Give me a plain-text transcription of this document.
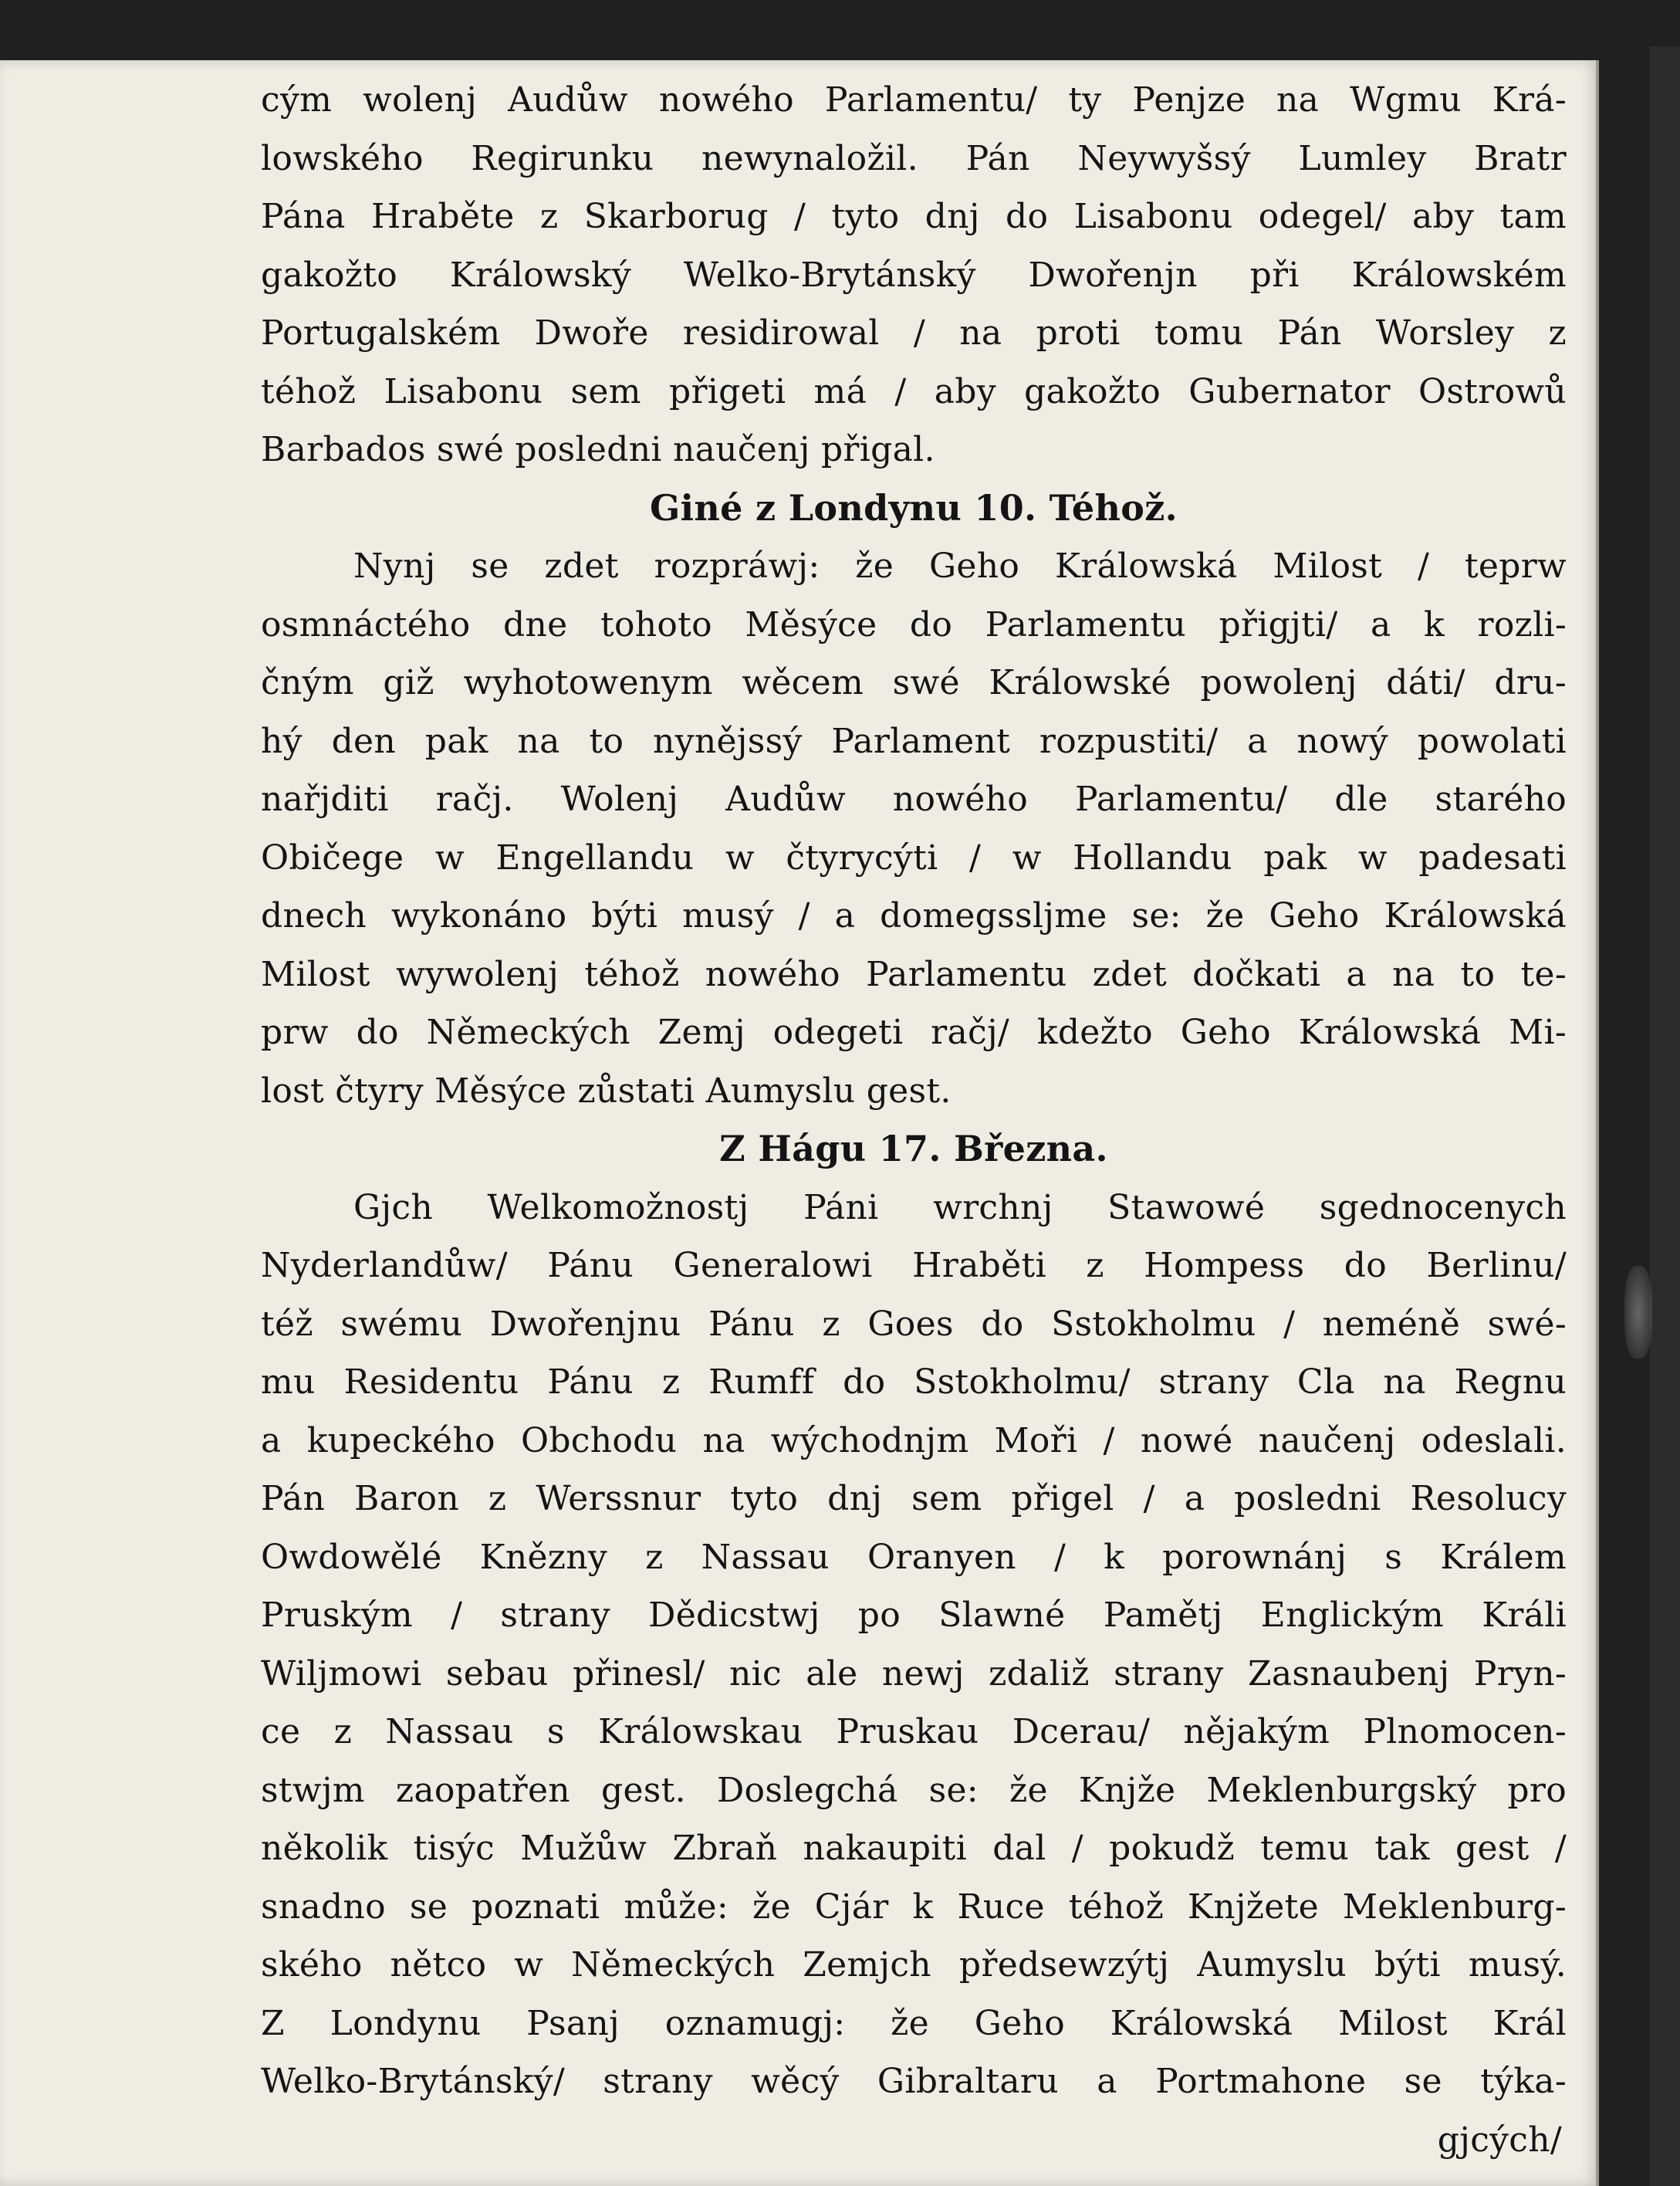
cým wolenj Audůw nowého Parlamentu/ ty Penjze na Wgmu Krá-
lowského Regirunku newynaložil. Pán Neywyšsý Lumley Bratr
Pána Hraběte z Skarborug / tyto dnj do Lisabonu odegel/ aby tam
gakožto Králowský Welko-Brytánský Dwořenjn při Králowském
Portugalském Dwoře residirowal / na proti tomu Pán Worsley z
téhož Lisabonu sem přigeti má / aby gakožto Gubernator Ostrowů
Barbados swé posledni naučenj přigal.
Giné z Londynu 10. Téhož.
Nynj se zdet rozpráwj: že Geho Králowská Milost / teprw
osmnáctého dne tohoto Měsýce do Parlamentu přigjti/ a k rozli-
čným giž wyhotowenym wěcem swé Králowské powolenj dáti/ dru-
hý den pak na to nynějssý Parlament rozpustiti/ a nowý powolati
nařjditi račj. Wolenj Audůw nowého Parlamentu/ dle starého
Običege w Engellandu w čtyrycýti / w Hollandu pak w padesati
dnech wykonáno býti musý / a domegssljme se: že Geho Králowská
Milost wywolenj téhož nowého Parlamentu zdet dočkati a na to te-
prw do Německých Zemj odegeti račj/ kdežto Geho Králowská Mi-
lost čtyry Měsýce zůstati Aumyslu gest.
Z Hágu 17. Března.
Gjch Welkomožnostj Páni wrchnj Stawowé sgednocenych
Nyderlandůw/ Pánu Generalowi Hraběti z Hompess do Berlinu/
též swému Dwořenjnu Pánu z Goes do Sstokholmu / neméně swé-
mu Residentu Pánu z Rumff do Sstokholmu/ strany Cla na Regnu
a kupeckého Obchodu na wýchodnjm Moři / nowé naučenj odeslali.
Pán Baron z Werssnur tyto dnj sem přigel / a posledni Resolucy
Owdowělé Knězny z Nassau Oranyen / k porownánj s Králem
Pruským / strany Dědicstwj po Slawné Pamětj Englickým Králi
Wiljmowi sebau přinesl/ nic ale newj zdaliž strany Zasnaubenj Pryn-
ce z Nassau s Králowskau Pruskau Dcerau/ nějakým Plnomocen-
stwjm zaopatřen gest. Doslegchá se: že Knjže Meklenburgský pro
několik tisýc Mužůw Zbraň nakaupiti dal / pokudž temu tak gest /
snadno se poznati může: že Cjár k Ruce téhož Knjžete Meklenburg-
ského nětco w Německých Zemjch předsewzýtj Aumyslu býti musý.
Z Londynu Psanj oznamugj: že Geho Králowská Milost Král
Welko-Brytánský/ strany wěcý Gibraltaru a Portmahone se týka-
gjcých/
